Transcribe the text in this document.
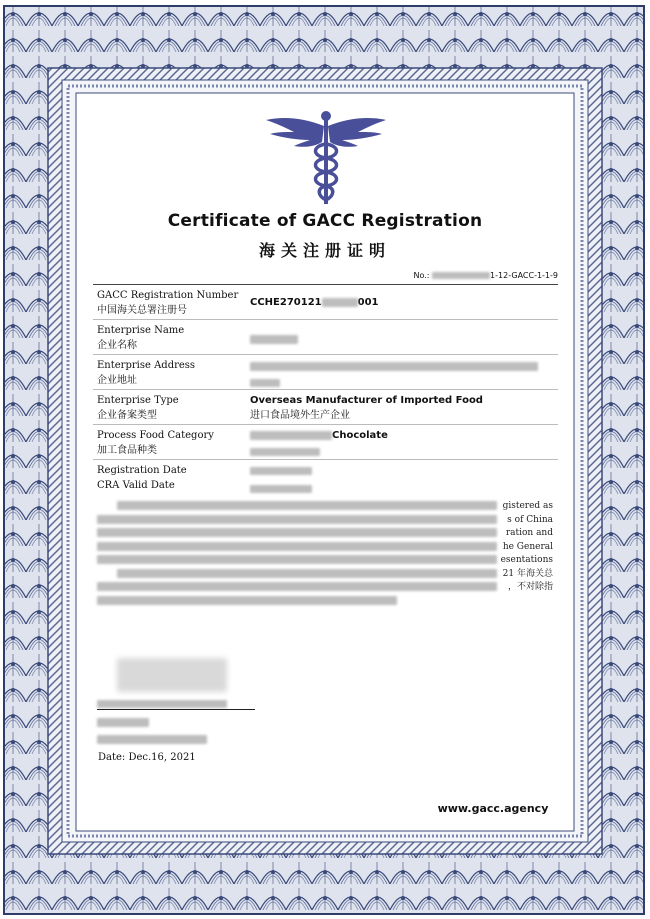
Certificate of GACC Registration
海关注册证明
No.:	1-12-GACC-1-1-9
GACC Registration Number
中国海关总署注册号
CCHE270121	001
Enterprise Name
企业名称
Enterprise Address
企业地址

Enterprise Type
企业备案类型
Overseas Manufacturer of Imported Food
进口食品境外生产企业
Process Food Category
加工食品种类
Chocolate

Registration Date
CRA Valid Date

gistered as
s of China
ration and
he General
esentations
21 年海关总
，不对除指
Date: Dec.16, 2021
www.gacc.agency
